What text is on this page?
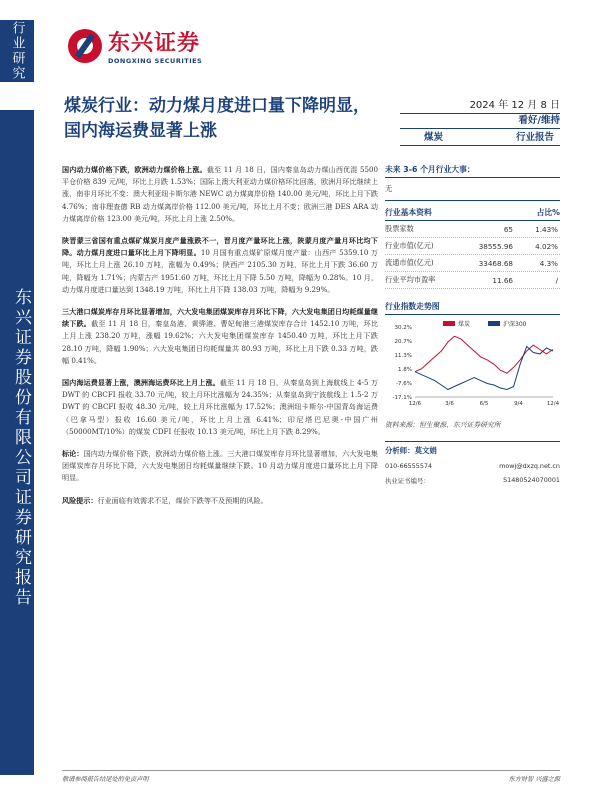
行业研究
东兴证券股份有限公司证券研究报告
东兴证券
DONGXING SECURITIES
煤炭行业：动力煤月度进口量下降明显，国内海运费显著上涨
2024 年 12 月 8 日
看好/维持
煤炭	行业报告

国内动力煤价格下跌，欧洲动力煤价格上涨。截至 11 月 18 日，国内秦皇岛动力煤山西优混 5500 平仓价格 839 元/吨，环比上月跌 1.53%；国际上澳大利亚动力煤价格环比回落，欧洲月环比继续上涨，南非月环比不变：澳大利亚纽卡斯尔港 NEWC 动力煤离岸价格 140.00 美元/吨，环比上月下跌 4.76%；南非理查德 RB 动力煤离岸价格 112.00 美元/吨，环比上月不变；欧洲三港 DES ARA 动力煤离岸价格 123.00 美元/吨，环比上月上涨 2.50%。

陕晋蒙三省国有重点煤矿煤炭月度产量涨跌不一，晋月度产量环比上涨，陕蒙月度产量月环比均下降。动力煤月度进口量环比上月下降明显。10 月国有重点煤矿原煤月度产量：山西产 5359.10 万吨，环比上月上涨 26.10 万吨，涨幅为 0.49%；陕西产 2105.30 万吨，环比上月下跌 36.60 万吨，降幅为 1.71%；内蒙古产 1951.60 万吨，环比上月下降 5.50 万吨，降幅为 0.28%。10 月，动力煤月度进口量达到 1348.19 万吨，环比上月下降 138.03 万吨，降幅为 9.29%。

三大港口煤炭库存月环比显著增加，六大发电集团煤炭库存月环比下降，六大发电集团日均耗煤量继续下跌。截至 11 月 18 日，秦皇岛港、黄骅港、曹妃甸港三港煤炭库存合计 1452.10 万吨，环比上月上涨 238.20 万吨，涨幅 19.62%；六大发电集团煤炭库存 1450.40 万吨，环比上月下跌 28.10 万吨，降幅 1.90%；六大发电集团日均耗煤量共 80.93 万吨，环比上月下跌 0.33 万吨，跌幅 0.41%。

国内海运费显著上涨，澳洲海运费环比上月上涨。截至 11 月 18 日，从秦皇岛到上海航线上 4-5 万 DWT 的 CBCFI 报收 33.70 元/吨，较上月环比涨幅为 24.35%；从秦皇岛到宁波航线上 1.5-2 万 DWT 的 CBCFI 报收 48.30 元/吨，较上月环比涨幅为 17.52%；澳洲纽卡斯尔-中国青岛海运费（巴拿马型）报收 16.60 美元/吨，环比上月上涨 6.41%；印尼塔巴尼奥-中国广州（50000MT/10%）的煤炭 CDFI 任报收 10.13 美元/吨，环比上月下跌 8.29%。

标论：国内动力煤价格下跌，欧洲动力煤价格上涨。三大港口煤炭库存月环比显著增加，六大发电集团煤炭库存月环比下降，六大发电集团日均耗煤量继续下跌。10 月动力煤月度进口量环比上月下降明显。

风险提示：行业面临有效需求不足，煤价下跌等不及预期的风险。

未来 3-6 个月行业大事：
无
行业基本资料	占比%
股票家数	65	1.43%
行业市值(亿元)	38555.96	4.02%
流通市值(亿元)	33468.68	4.3%
行业平均市盈率	11.66	/
行业指数走势图
30.2%
20.7%
11.3%
1.8%
-7.6%
-17.1%
12/6	3/6	6/5	9/4	12/4
煤炭	沪深300
资料来源：恒生聚源、东兴证券研究所
分析师：莫文娟
010-66555574	mowj@dxzq.net.cn
执业证书编号：	S1480524070001
敬请参阅报告结尾处的免责声明	东方财智 兴盛之源
